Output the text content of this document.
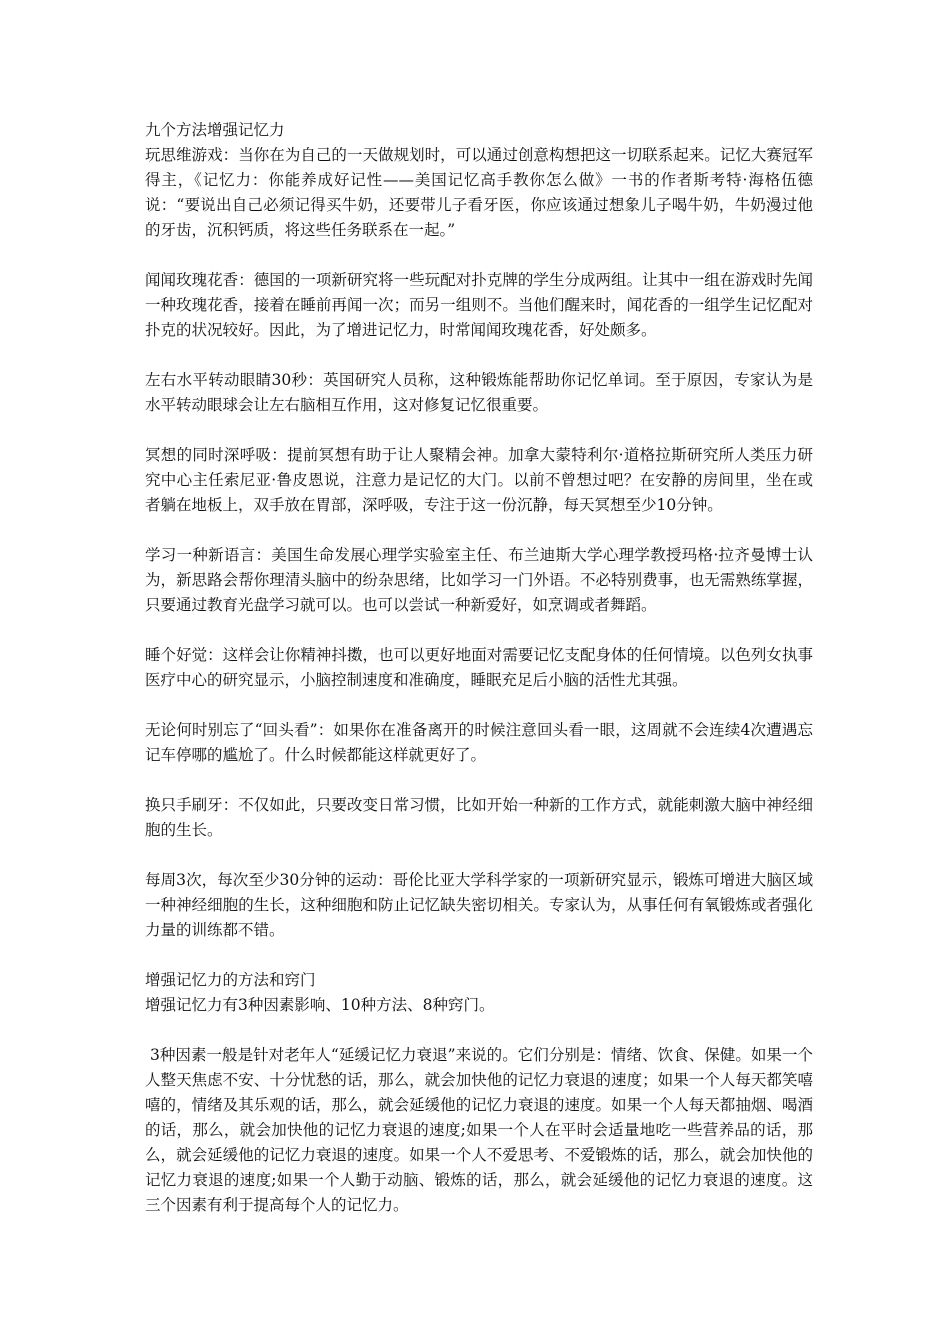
九个方法增强记忆力

玩思维游戏：当你在为自己的一天做规划时，可以通过创意构想把这一切联系起来。记忆大赛冠军得主，《记忆力：你能养成好记性——美国记忆高手教你怎么做》一书的作者斯考特·海格伍德说：“要说出自己必须记得买牛奶，还要带儿子看牙医，你应该通过想象儿子喝牛奶，牛奶漫过他的牙齿，沉积钙质，将这些任务联系在一起。”

闻闻玫瑰花香：德国的一项新研究将一些玩配对扑克牌的学生分成两组。让其中一组在游戏时先闻一种玫瑰花香，接着在睡前再闻一次；而另一组则不。当他们醒来时，闻花香的一组学生记忆配对扑克的状况较好。因此，为了增进记忆力，时常闻闻玫瑰花香，好处颇多。

左右水平转动眼睛30秒：英国研究人员称，这种锻炼能帮助你记忆单词。至于原因，专家认为是水平转动眼球会让左右脑相互作用，这对修复记忆很重要。

冥想的同时深呼吸：提前冥想有助于让人聚精会神。加拿大蒙特利尔·道格拉斯研究所人类压力研究中心主任索尼亚·鲁皮恩说，注意力是记忆的大门。以前不曾想过吧？在安静的房间里，坐在或者躺在地板上，双手放在胃部，深呼吸，专注于这一份沉静，每天冥想至少10分钟。

学习一种新语言：美国生命发展心理学实验室主任、布兰迪斯大学心理学教授玛格·拉齐曼博士认为，新思路会帮你理清头脑中的纷杂思绪，比如学习一门外语。不必特别费事，也无需熟练掌握，只要通过教育光盘学习就可以。也可以尝试一种新爱好，如烹调或者舞蹈。

睡个好觉：这样会让你精神抖擞，也可以更好地面对需要记忆支配身体的任何情境。以色列女执事医疗中心的研究显示，小脑控制速度和准确度，睡眠充足后小脑的活性尤其强。

无论何时别忘了“回头看”：如果你在准备离开的时候注意回头看一眼，这周就不会连续4次遭遇忘记车停哪的尴尬了。什么时候都能这样就更好了。

换只手刷牙：不仅如此，只要改变日常习惯，比如开始一种新的工作方式，就能刺激大脑中神经细胞的生长。

每周3次，每次至少30分钟的运动：哥伦比亚大学科学家的一项新研究显示，锻炼可增进大脑区域一种神经细胞的生长，这种细胞和防止记忆缺失密切相关。专家认为，从事任何有氧锻炼或者强化力量的训练都不错。

增强记忆力的方法和窍门

增强记忆力有3种因素影响、10种方法、8种窍门。

3种因素一般是针对老年人“延缓记忆力衰退”来说的。它们分别是：情绪、饮食、保健。如果一个人整天焦虑不安、十分忧愁的话，那么，就会加快他的记忆力衰退的速度；如果一个人每天都笑嘻嘻的，情绪及其乐观的话，那么，就会延缓他的记忆力衰退的速度。如果一个人每天都抽烟、喝酒的话，那么，就会加快他的记忆力衰退的速度;如果一个人在平时会适量地吃一些营养品的话，那么，就会延缓他的记忆力衰退的速度。如果一个人不爱思考、不爱锻炼的话，那么，就会加快他的记忆力衰退的速度;如果一个人勤于动脑、锻炼的话，那么，就会延缓他的记忆力衰退的速度。这三个因素有利于提高每个人的记忆力。
